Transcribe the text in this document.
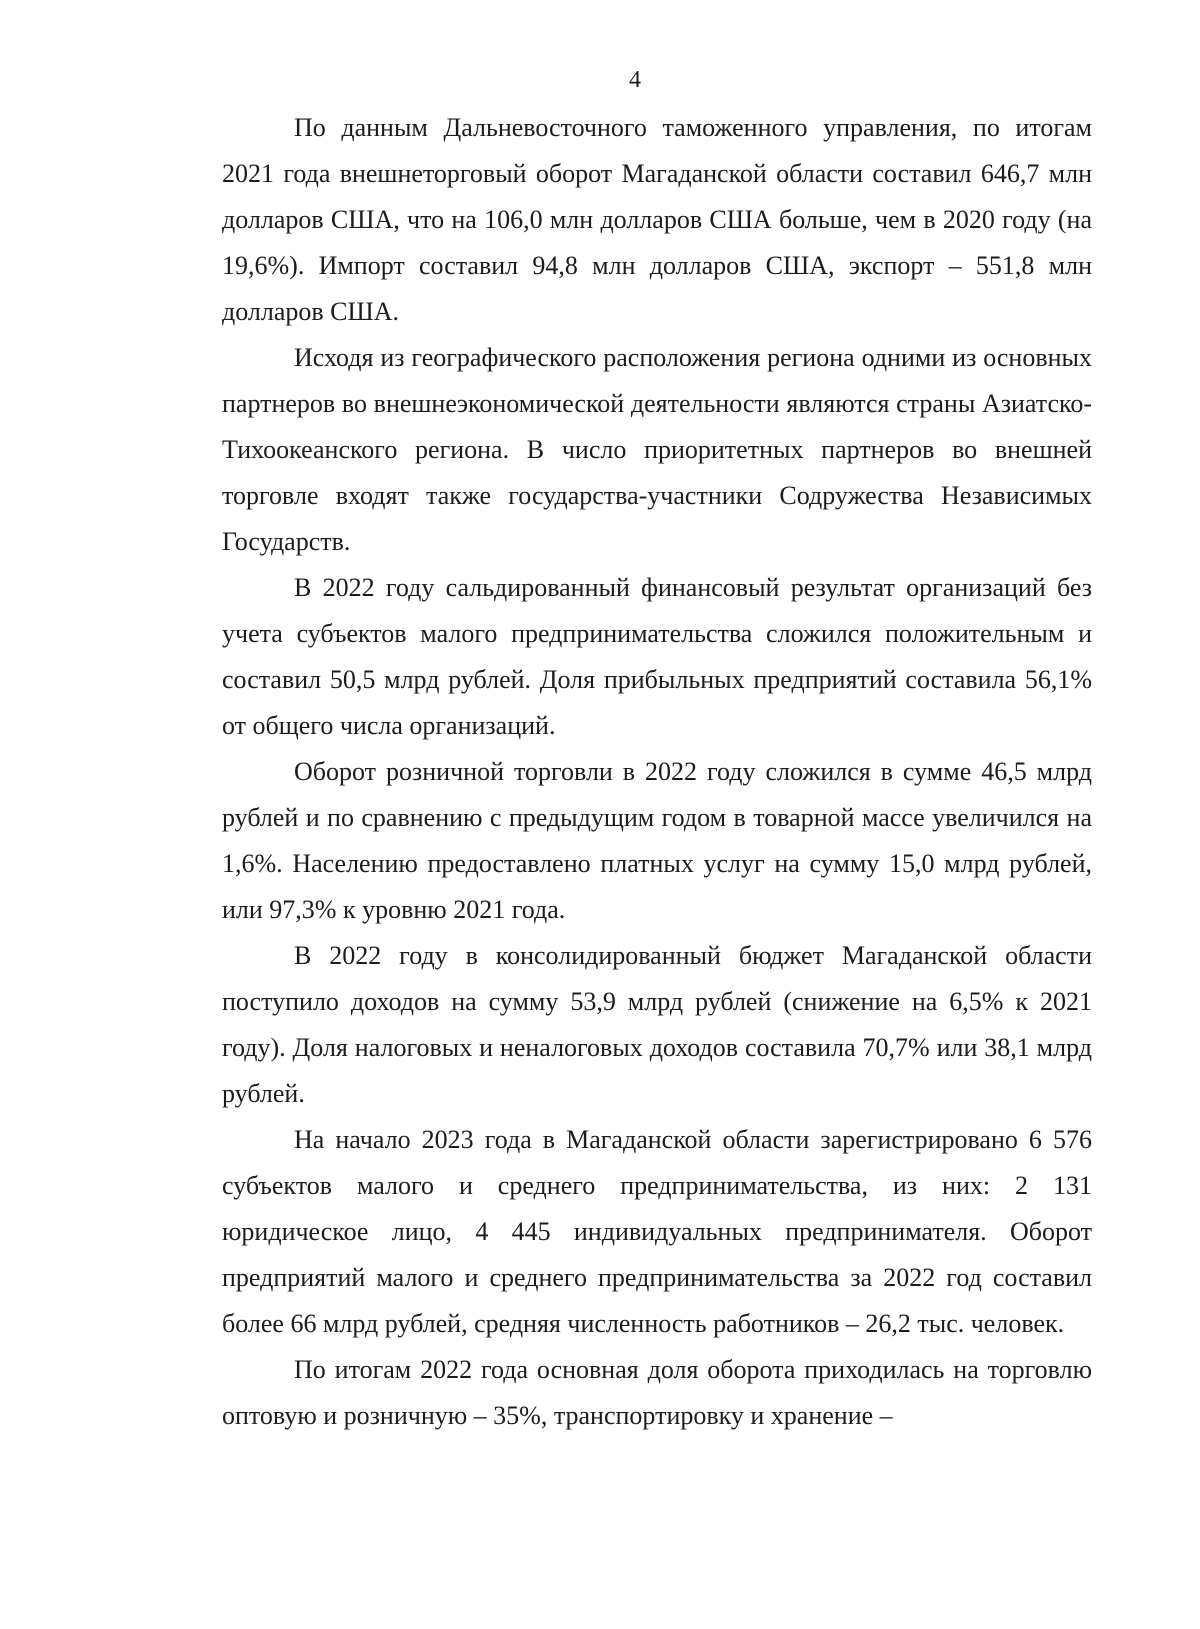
4

По данным Дальневосточного таможенного управления, по итогам 2021 года внешнеторговый оборот Магаданской области составил 646,7 млн долларов США, что на 106,0 млн долларов США больше, чем в 2020 году (на 19,6%). Импорт составил 94,8 млн долларов США, экспорт – 551,8 млн долларов США.

Исходя из географического расположения региона одними из основных партнеров во внешнеэкономической деятельности являются страны Азиатско-Тихоокеанского региона. В число приоритетных партнеров во внешней торговле входят также государства-участники Содружества Независимых Государств.

В 2022 году сальдированный финансовый результат организаций без учета субъектов малого предпринимательства сложился положительным и составил 50,5 млрд рублей. Доля прибыльных предприятий составила 56,1% от общего числа организаций.

Оборот розничной торговли в 2022 году сложился в сумме 46,5 млрд рублей и по сравнению с предыдущим годом в товарной массе увеличился на 1,6%. Населению предоставлено платных услуг на сумму 15,0 млрд рублей, или 97,3% к уровню 2021 года.

В 2022 году в консолидированный бюджет Магаданской области поступило доходов на сумму 53,9 млрд рублей (снижение на 6,5% к 2021 году). Доля налоговых и неналоговых доходов составила 70,7% или 38,1 млрд рублей.

На начало 2023 года в Магаданской области зарегистрировано 6 576 субъектов малого и среднего предпринимательства, из них: 2 131 юридическое лицо, 4 445 индивидуальных предпринимателя. Оборот предприятий малого и среднего предпринимательства за 2022 год составил более 66 млрд рублей, средняя численность работников – 26,2 тыс. человек.

По итогам 2022 года основная доля оборота приходилась на торговлю оптовую и розничную – 35%, транспортировку и хранение –
